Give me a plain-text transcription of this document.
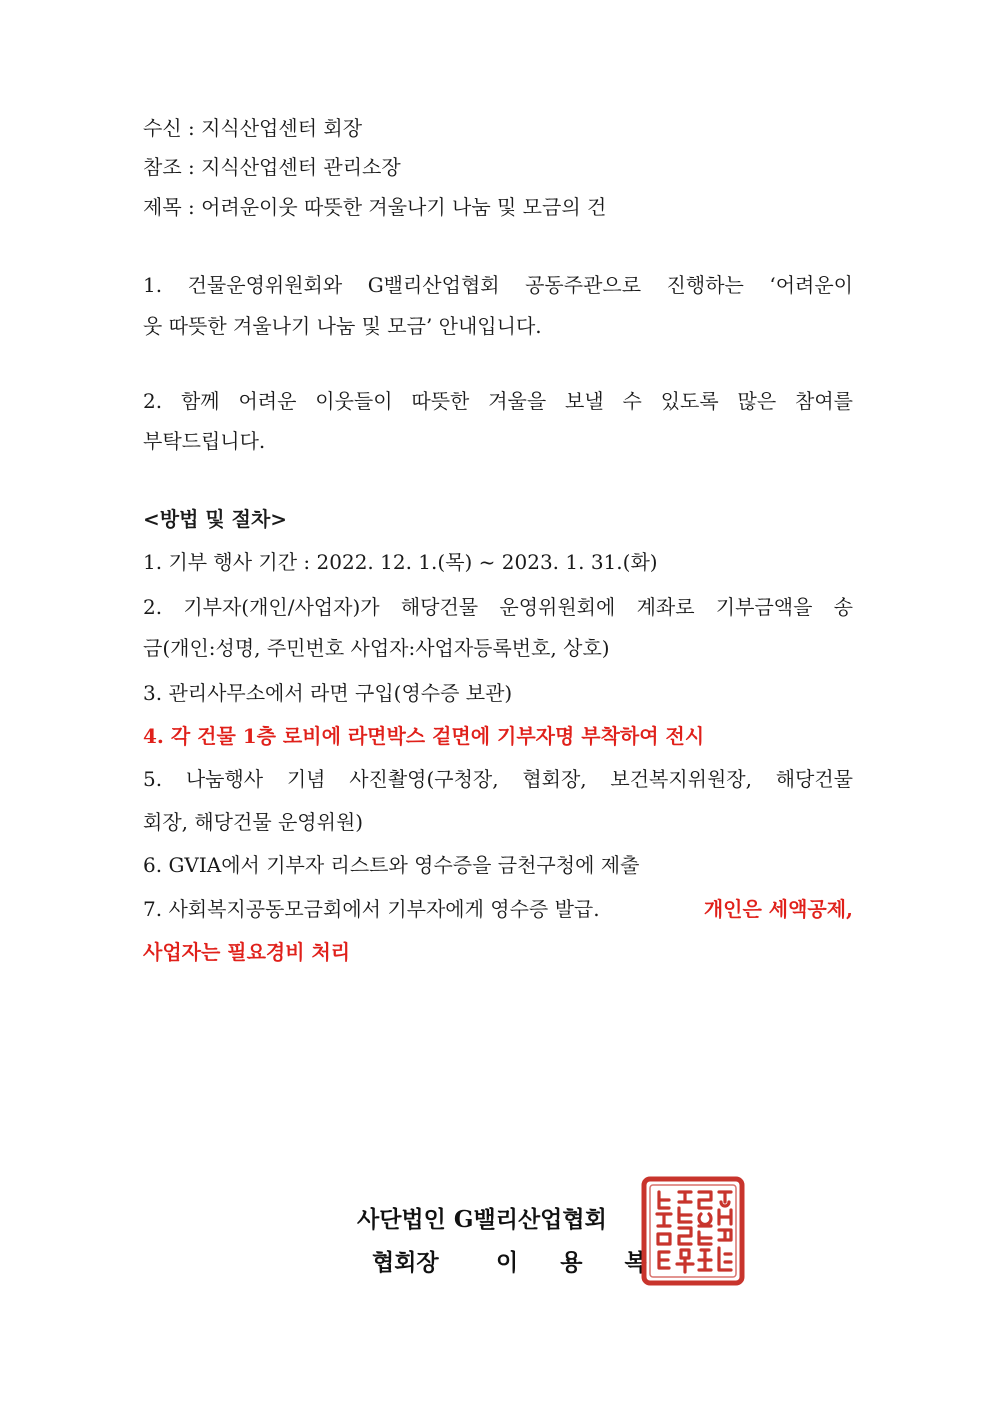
수신 : 지식산업센터 회장
참조 : 지식산업센터 관리소장
제목 : 어려운이웃 따뜻한 겨울나기 나눔 및 모금의 건
1. 건물운영위원회와 G밸리산업협회 공동주관으로 진행하는 ‘어려운이
웃 따뜻한 겨울나기 나눔 및 모금’ 안내입니다.
2. 함께 어려운 이웃들이 따뜻한 겨울을 보낼 수 있도록 많은 참여를
부탁드립니다.
<방법 및 절차>
1. 기부 행사 기간 : 2022. 12. 1.(목) ~ 2023. 1. 31.(화)
2. 기부자(개인/사업자)가 해당건물 운영위원회에 계좌로 기부금액을 송
금(개인:성명, 주민번호 사업자:사업자등록번호, 상호)
3. 관리사무소에서 라면 구입(영수증 보관)
4. 각 건물 1층 로비에 라면박스 겉면에 기부자명 부착하여 전시
5. 나눔행사 기념 사진촬영(구청장, 협회장, 보건복지위원장, 해당건물
회장, 해당건물 운영위원)
6. GVIA에서 기부자 리스트와 영수증을 금천구청에 제출
7. 사회복지공동모금회에서 기부자에게 영수증 발급.	개인은 세액공제,
사업자는 필요경비 처리
사단법인 G밸리산업협회
협회장 이 용 복
